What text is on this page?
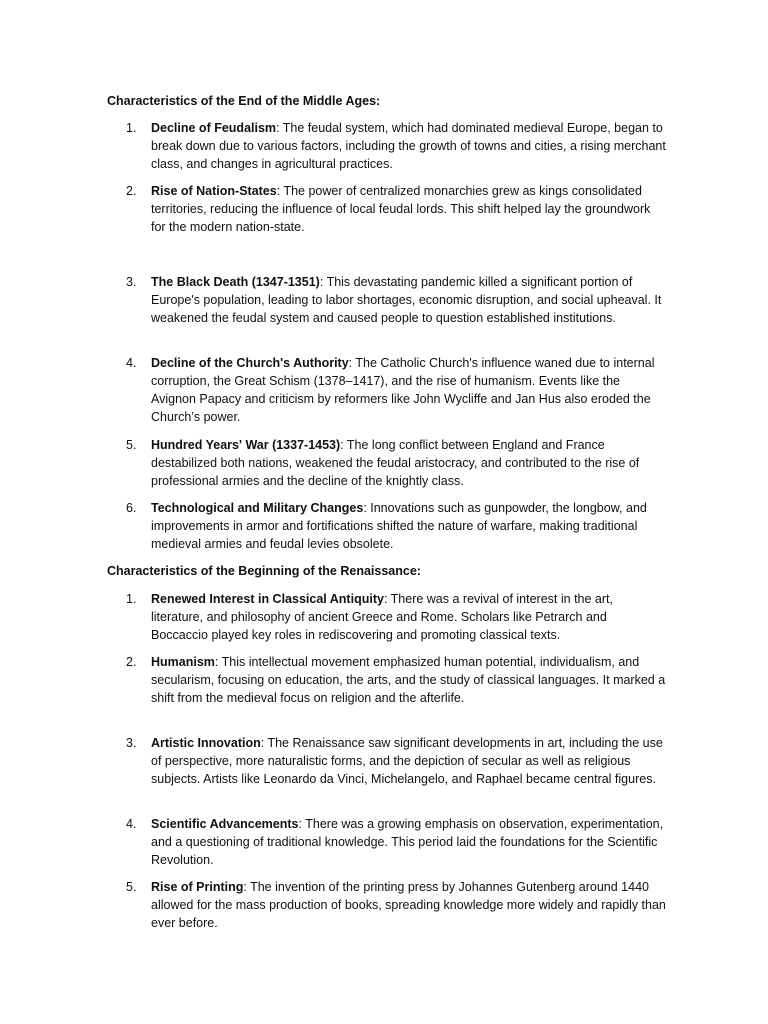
Characteristics of the End of the Middle Ages:
1. Decline of Feudalism: The feudal system, which had dominated medieval Europe, began to break down due to various factors, including the growth of towns and cities, a rising merchant class, and changes in agricultural practices.

2. Rise of Nation-States: The power of centralized monarchies grew as kings consolidated territories, reducing the influence of local feudal lords. This shift helped lay the groundwork for the modern nation-state.

3. The Black Death (1347-1351): This devastating pandemic killed a significant portion of Europe's population, leading to labor shortages, economic disruption, and social upheaval. It weakened the feudal system and caused people to question established institutions.

4. Decline of the Church's Authority: The Catholic Church's influence waned due to internal corruption, the Great Schism (1378–1417), and the rise of humanism. Events like the Avignon Papacy and criticism by reformers like John Wycliffe and Jan Hus also eroded the Church’s power.

5. Hundred Years' War (1337-1453): The long conflict between England and France destabilized both nations, weakened the feudal aristocracy, and contributed to the rise of professional armies and the decline of the knightly class.

6. Technological and Military Changes: Innovations such as gunpowder, the longbow, and improvements in armor and fortifications shifted the nature of warfare, making traditional medieval armies and feudal levies obsolete.

Characteristics of the Beginning of the Renaissance:
1. Renewed Interest in Classical Antiquity: There was a revival of interest in the art, literature, and philosophy of ancient Greece and Rome. Scholars like Petrarch and Boccaccio played key roles in rediscovering and promoting classical texts.

2. Humanism: This intellectual movement emphasized human potential, individualism, and secularism, focusing on education, the arts, and the study of classical languages. It marked a shift from the medieval focus on religion and the afterlife.

3. Artistic Innovation: The Renaissance saw significant developments in art, including the use of perspective, more naturalistic forms, and the depiction of secular as well as religious subjects. Artists like Leonardo da Vinci, Michelangelo, and Raphael became central figures.

4. Scientific Advancements: There was a growing emphasis on observation, experimentation, and a questioning of traditional knowledge. This period laid the foundations for the Scientific Revolution.

5. Rise of Printing: The invention of the printing press by Johannes Gutenberg around 1440 allowed for the mass production of books, spreading knowledge more widely and rapidly than ever before.
